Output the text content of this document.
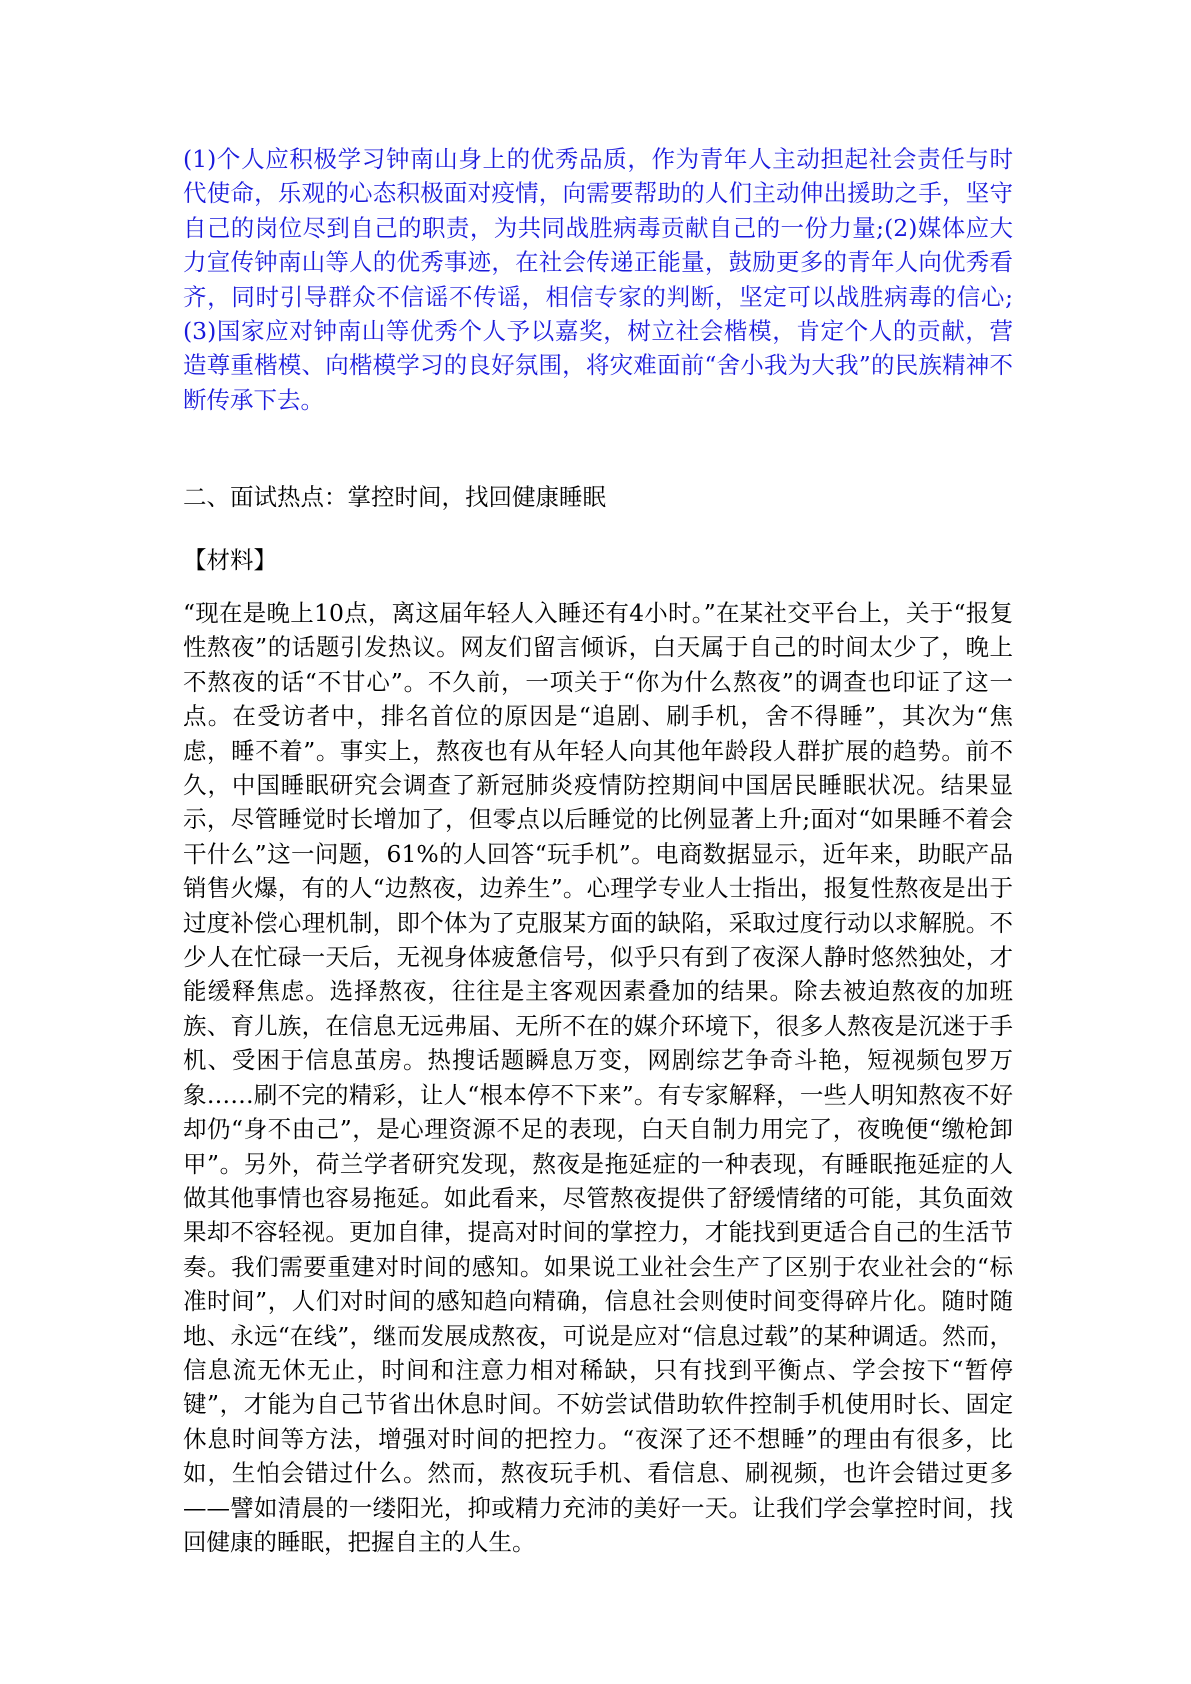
(1)个人应积极学习钟南山身上的优秀品质，作为青年人主动担起社会责任与时代使命，乐观的心态积极面对疫情，向需要帮助的人们主动伸出援助之手，坚守自己的岗位尽到自己的职责，为共同战胜病毒贡献自己的一份力量;(2)媒体应大力宣传钟南山等人的优秀事迹，在社会传递正能量，鼓励更多的青年人向优秀看齐，同时引导群众不信谣不传谣，相信专家的判断，坚定可以战胜病毒的信心;(3)国家应对钟南山等优秀个人予以嘉奖，树立社会楷模，肯定个人的贡献，营造尊重楷模、向楷模学习的良好氛围，将灾难面前“舍小我为大我”的民族精神不断传承下去。

二、面试热点：掌控时间，找回健康睡眠

【材料】

“现在是晚上10点，离这届年轻人入睡还有4小时。”在某社交平台上，关于“报复性熬夜”的话题引发热议。网友们留言倾诉，白天属于自己的时间太少了，晚上不熬夜的话“不甘心”。不久前，一项关于“你为什么熬夜”的调查也印证了这一点。在受访者中，排名首位的原因是“追剧、刷手机，舍不得睡”，其次为“焦虑，睡不着”。事实上，熬夜也有从年轻人向其他年龄段人群扩展的趋势。前不久，中国睡眠研究会调查了新冠肺炎疫情防控期间中国居民睡眠状况。结果显示，尽管睡觉时长增加了，但零点以后睡觉的比例显著上升;面对“如果睡不着会干什么”这一问题，61%的人回答“玩手机”。电商数据显示，近年来，助眠产品销售火爆，有的人“边熬夜，边养生”。心理学专业人士指出，报复性熬夜是出于过度补偿心理机制，即个体为了克服某方面的缺陷，采取过度行动以求解脱。不少人在忙碌一天后，无视身体疲惫信号，似乎只有到了夜深人静时悠然独处，才能缓释焦虑。选择熬夜，往往是主客观因素叠加的结果。除去被迫熬夜的加班族、育儿族，在信息无远弗届、无所不在的媒介环境下，很多人熬夜是沉迷于手机、受困于信息茧房。热搜话题瞬息万变，网剧综艺争奇斗艳，短视频包罗万象……刷不完的精彩，让人“根本停不下来”。有专家解释，一些人明知熬夜不好却仍“身不由己”，是心理资源不足的表现，白天自制力用完了，夜晚便“缴枪卸甲”。另外，荷兰学者研究发现，熬夜是拖延症的一种表现，有睡眠拖延症的人做其他事情也容易拖延。如此看来，尽管熬夜提供了舒缓情绪的可能，其负面效果却不容轻视。更加自律，提高对时间的掌控力，才能找到更适合自己的生活节奏。我们需要重建对时间的感知。如果说工业社会生产了区别于农业社会的“标准时间”，人们对时间的感知趋向精确，信息社会则使时间变得碎片化。随时随地、永远“在线”，继而发展成熬夜，可说是应对“信息过载”的某种调适。然而，信息流无休无止，时间和注意力相对稀缺，只有找到平衡点、学会按下“暂停键”，才能为自己节省出休息时间。不妨尝试借助软件控制手机使用时长、固定休息时间等方法，增强对时间的把控力。“夜深了还不想睡”的理由有很多，比如，生怕会错过什么。然而，熬夜玩手机、看信息、刷视频，也许会错过更多——譬如清晨的一缕阳光，抑或精力充沛的美好一天。让我们学会掌控时间，找回健康的睡眠，把握自主的人生。
